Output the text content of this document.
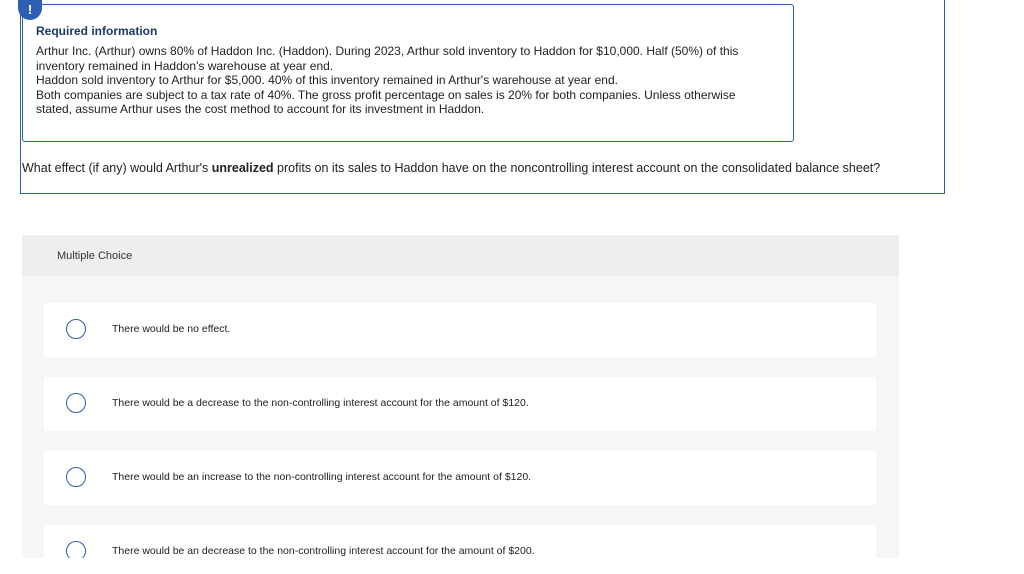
!
Required information

Arthur Inc. (Arthur) owns 80% of Haddon Inc. (Haddon). During 2023, Arthur sold inventory to Haddon for $10,000. Half (50%) of this inventory remained in Haddon's warehouse at year end.

Haddon sold inventory to Arthur for $5,000. 40% of this inventory remained in Arthur's warehouse at year end.

Both companies are subject to a tax rate of 40%. The gross profit percentage on sales is 20% for both companies. Unless otherwise stated, assume Arthur uses the cost method to account for its investment in Haddon.

What effect (if any) would Arthur's unrealized profits on its sales to Haddon have on the noncontrolling interest account on the consolidated balance sheet?
Multiple Choice
There would be no effect.
There would be a decrease to the non-controlling interest account for the amount of $120.
There would be an increase to the non-controlling interest account for the amount of $120.
There would be an decrease to the non-controlling interest account for the amount of $200.
